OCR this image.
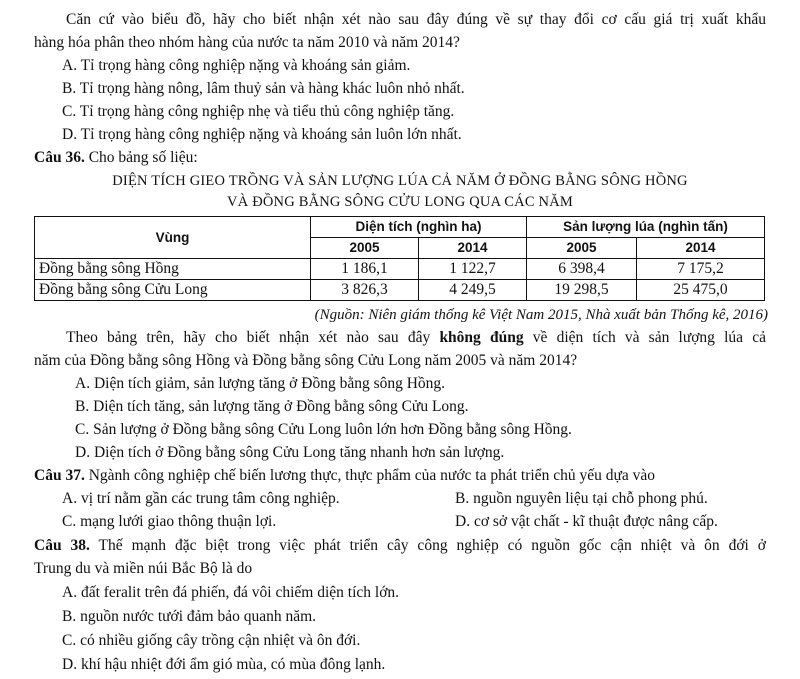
Căn cứ vào biểu đồ, hãy cho biết nhận xét nào sau đây đúng về sự thay đổi cơ cấu giá trị xuất khẩu
hàng hóa phân theo nhóm hàng của nước ta năm 2010 và năm 2014?
A. Tỉ trọng hàng công nghiệp nặng và khoáng sản giảm.
B. Tỉ trọng hàng nông, lâm thuỷ sản và hàng khác luôn nhỏ nhất.
C. Tỉ trọng hàng công nghiệp nhẹ và tiểu thủ công nghiệp tăng.
D. Tỉ trọng hàng công nghiệp nặng và khoáng sản luôn lớn nhất.
Câu 36. Cho bảng số liệu:
DIỆN TÍCH GIEO TRỒNG VÀ SẢN LƯỢNG LÚA CẢ NĂM Ở ĐỒNG BẰNG SÔNG HỒNG
VÀ ĐỒNG BẰNG SÔNG CỬU LONG QUA CÁC NĂM
Vùng	Diện tích (nghìn ha)		Sản lượng lúa (nghìn tấn)	
	2005	2014	2005	2014
Đồng bằng sông Hồng	1 186,1	1 122,7	6 398,4	7 175,2
Đồng bằng sông Cửu Long	3 826,3	4 249,5	19 298,5	25 475,0
(Nguồn: Niên giám thống kê Việt Nam 2015, Nhà xuất bản Thống kê, 2016)
Theo bảng trên, hãy cho biết nhận xét nào sau đây không đúng về diện tích và sản lượng lúa cả
năm của Đồng bằng sông Hồng và Đồng bằng sông Cửu Long năm 2005 và năm 2014?
A. Diện tích giảm, sản lượng tăng ở Đồng bằng sông Hồng.
B. Diện tích tăng, sản lượng tăng ở Đồng bằng sông Cửu Long.
C. Sản lượng ở Đồng bằng sông Cửu Long luôn lớn hơn Đồng bằng sông Hồng.
D. Diện tích ở Đồng bằng sông Cửu Long tăng nhanh hơn sản lượng.
Câu 37. Ngành công nghiệp chế biến lương thực, thực phẩm của nước ta phát triển chủ yếu dựa vào
A. vị trí nằm gần các trung tâm công nghiệp.	B. nguồn nguyên liệu tại chỗ phong phú.
C. mạng lưới giao thông thuận lợi.	D. cơ sở vật chất - kĩ thuật được nâng cấp.
Câu 38. Thế mạnh đặc biệt trong việc phát triển cây công nghiệp có nguồn gốc cận nhiệt và ôn đới ở
Trung du và miền núi Bắc Bộ là do
A. đất feralit trên đá phiến, đá vôi chiếm diện tích lớn.
B. nguồn nước tưới đảm bảo quanh năm.
C. có nhiều giống cây trồng cận nhiệt và ôn đới.
D. khí hậu nhiệt đới ẩm gió mùa, có mùa đông lạnh.
